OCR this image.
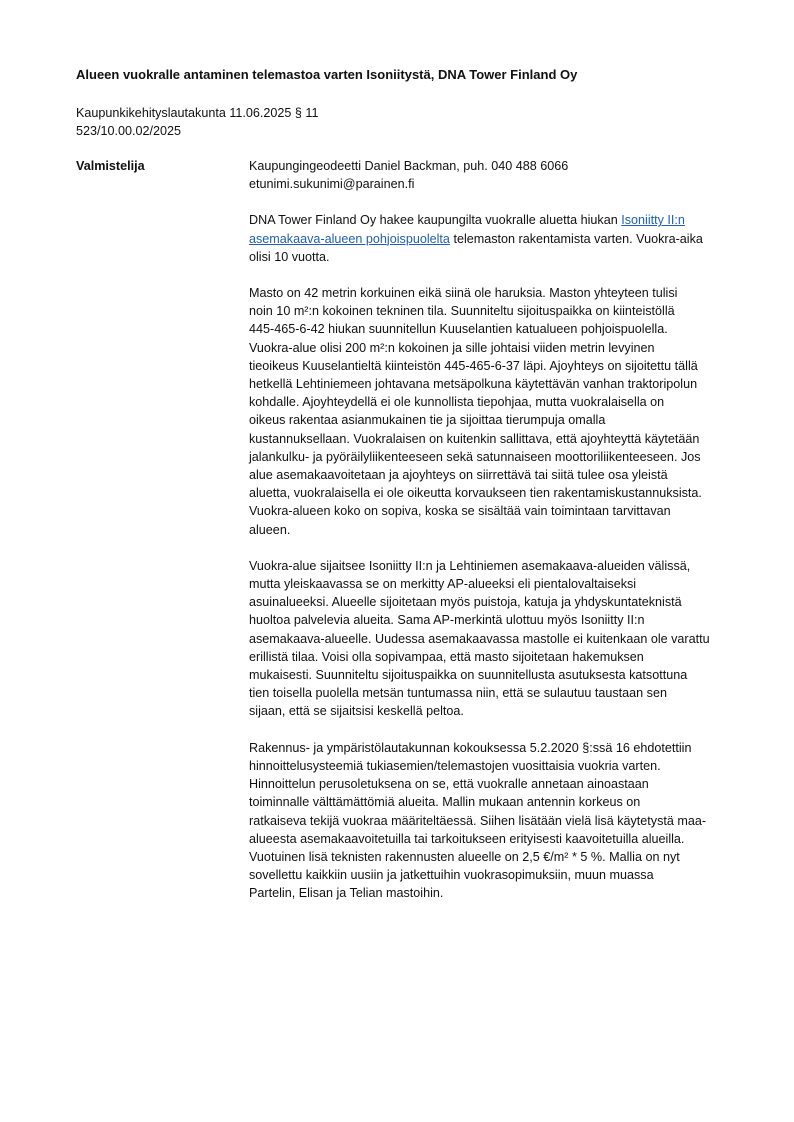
Alueen vuokralle antaminen telemastoa varten Isoniitystä, DNA Tower Finland Oy
Kaupunkikehityslautakunta 11.06.2025 § 11
523/10.00.02/2025
Valmistelija	Kaupungingeodeetti Daniel Backman, puh. 040 488 6066
etunimi.sukunimi@parainen.fi

DNA Tower Finland Oy hakee kaupungilta vuokralle aluetta hiukan Isoniitty II:n
asemakaava-alueen pohjoispuolelta telemaston rakentamista varten. Vuokra-aika
olisi 10 vuotta.

Masto on 42 metrin korkuinen eikä siinä ole haruksia. Maston yhteyteen tulisi
noin 10 m²:n kokoinen tekninen tila. Suunniteltu sijoituspaikka on kiinteistöllä
445-465-6-42 hiukan suunnitellun Kuuselantien katualueen pohjoispuolella.
Vuokra-alue olisi 200 m²:n kokoinen ja sille johtaisi viiden metrin levyinen
tieoikeus Kuuselantieltä kiinteistön 445-465-6-37 läpi. Ajoyhteys on sijoitettu tällä
hetkellä Lehtiniemeen johtavana metsäpolkuna käytettävän vanhan traktoripolun
kohdalle. Ajoyhteydellä ei ole kunnollista tiepohjaa, mutta vuokralaisella on
oikeus rakentaa asianmukainen tie ja sijoittaa tierumpuja omalla
kustannuksellaan. Vuokralaisen on kuitenkin sallittava, että ajoyhteyttä käytetään
jalankulku- ja pyöräilyliikenteeseen sekä satunnaiseen moottoriliikenteeseen. Jos
alue asemakaavoitetaan ja ajoyhteys on siirrettävä tai siitä tulee osa yleistä
aluetta, vuokralaisella ei ole oikeutta korvaukseen tien rakentamiskustannuksista.
Vuokra-alueen koko on sopiva, koska se sisältää vain toimintaan tarvittavan
alueen.

Vuokra-alue sijaitsee Isoniitty II:n ja Lehtiniemen asemakaava-alueiden välissä,
mutta yleiskaavassa se on merkitty AP-alueeksi eli pientalovaltaiseksi
asuinalueeksi. Alueelle sijoitetaan myös puistoja, katuja ja yhdyskuntateknistä
huoltoa palvelevia alueita. Sama AP-merkintä ulottuu myös Isoniitty II:n
asemakaava-alueelle. Uudessa asemakaavassa mastolle ei kuitenkaan ole varattu
erillistä tilaa. Voisi olla sopivampaa, että masto sijoitetaan hakemuksen
mukaisesti. Suunniteltu sijoituspaikka on suunnitellusta asutuksesta katsottuna
tien toisella puolella metsän tuntumassa niin, että se sulautuu taustaan sen
sijaan, että se sijaitsisi keskellä peltoa.

Rakennus- ja ympäristölautakunnan kokouksessa 5.2.2020 §:ssä 16 ehdotettiin
hinnoittelusysteemiä tukiasemien/telemastojen vuosittaisia vuokria varten.
Hinnoittelun perusoletuksena on se, että vuokralle annetaan ainoastaan
toiminnalle välttämättömiä alueita. Mallin mukaan antennin korkeus on
ratkaiseva tekijä vuokraa määriteltäessä. Siihen lisätään vielä lisä käytetystä maa-
alueesta asemakaavoitetuilla tai tarkoitukseen erityisesti kaavoitetuilla alueilla.
Vuotuinen lisä teknisten rakennusten alueelle on 2,5 €/m² * 5 %. Mallia on nyt
sovellettu kaikkiin uusiin ja jatkettuihin vuokrasopimuksiin, muun muassa
Partelin, Elisan ja Telian mastoihin.
